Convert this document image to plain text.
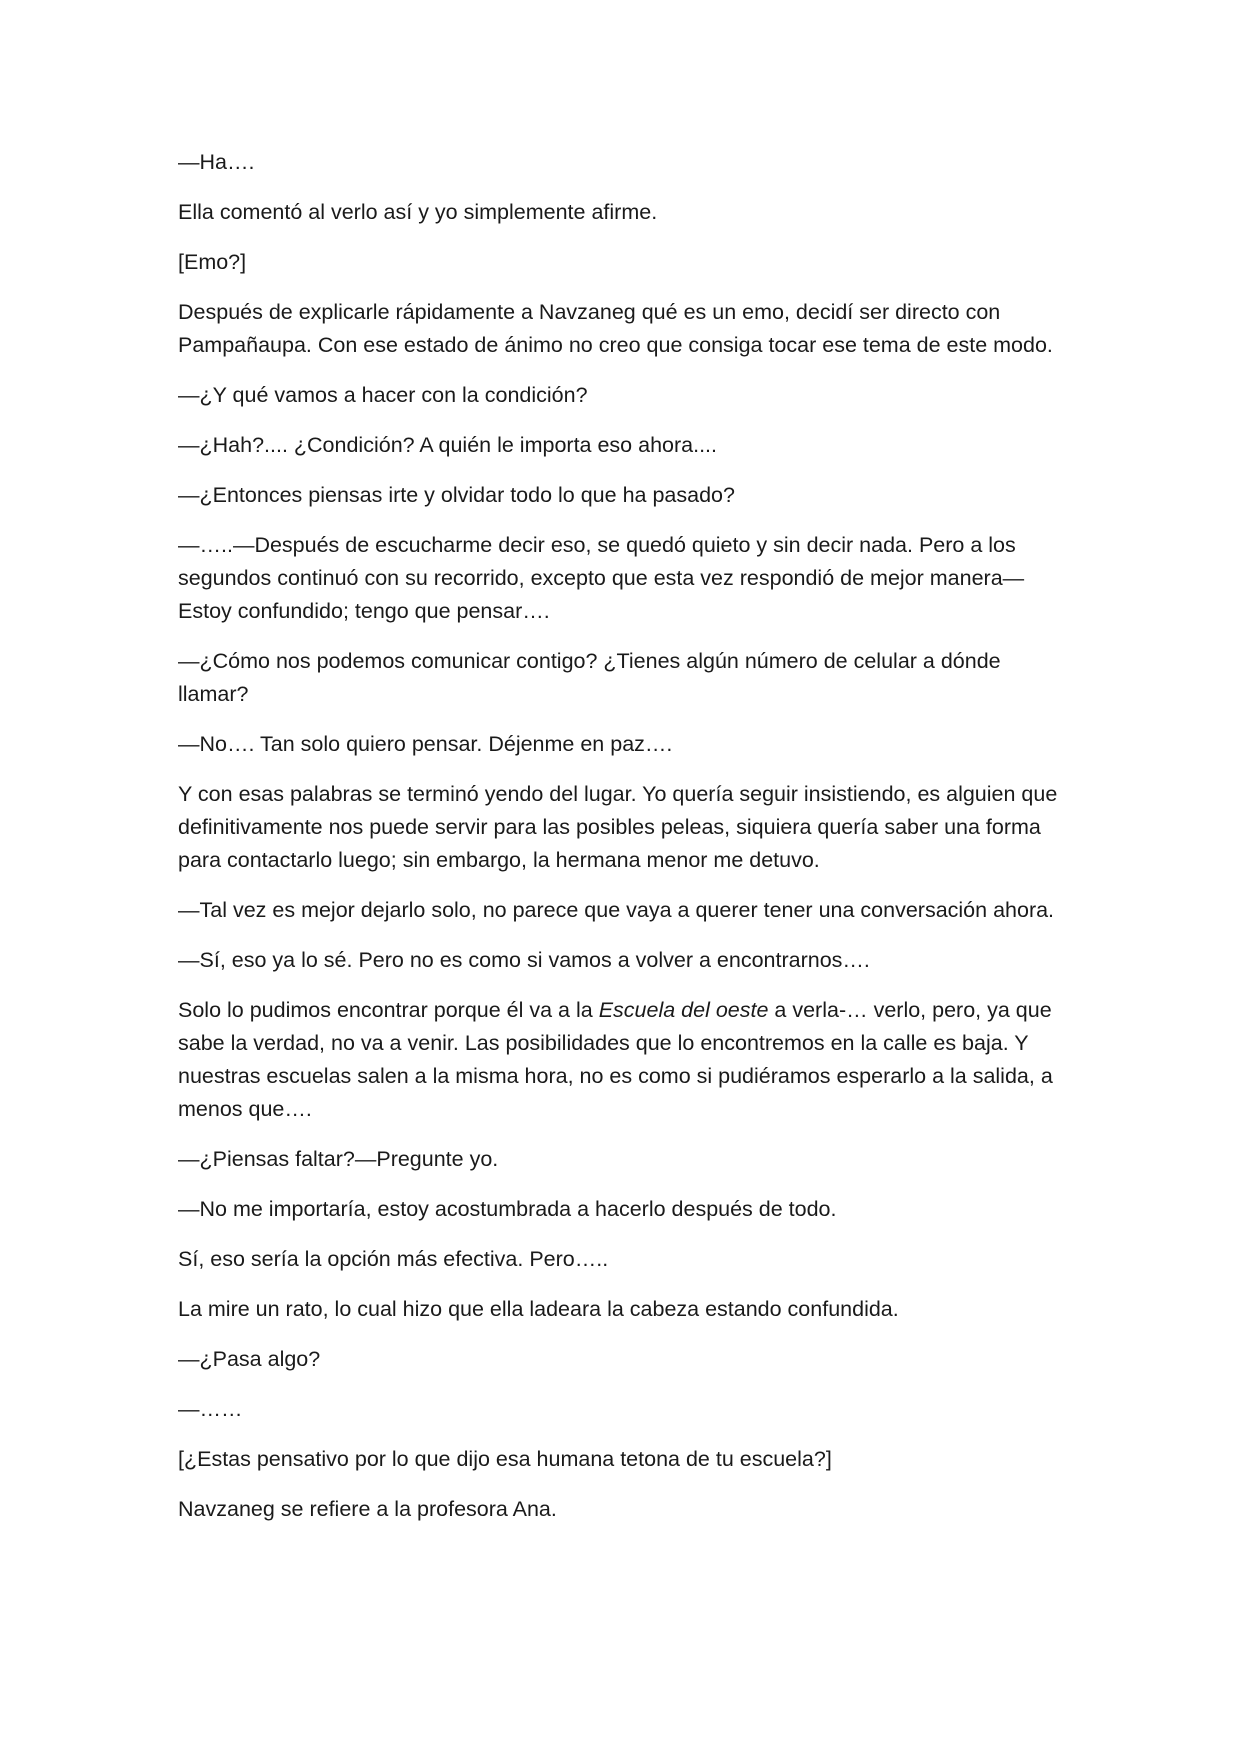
—Ha….

Ella comentó al verlo así y yo simplemente afirme.

[Emo?]

Después de explicarle rápidamente a Navzaneg qué es un emo, decidí ser directo con Pampañaupa. Con ese estado de ánimo no creo que consiga tocar ese tema de este modo.

—¿Y qué vamos a hacer con la condición?

—¿Hah?.... ¿Condición? A quién le importa eso ahora....

—¿Entonces piensas irte y olvidar todo lo que ha pasado?

—…..—Después de escucharme decir eso, se quedó quieto y sin decir nada. Pero a los segundos continuó con su recorrido, excepto que esta vez respondió de mejor manera—Estoy confundido; tengo que pensar….

—¿Cómo nos podemos comunicar contigo? ¿Tienes algún número de celular a dónde llamar?

—No…. Tan solo quiero pensar. Déjenme en paz….

Y con esas palabras se terminó yendo del lugar. Yo quería seguir insistiendo, es alguien que definitivamente nos puede servir para las posibles peleas, siquiera quería saber una forma para contactarlo luego; sin embargo, la hermana menor me detuvo.

—Tal vez es mejor dejarlo solo, no parece que vaya a querer tener una conversación ahora.

—Sí, eso ya lo sé. Pero no es como si vamos a volver a encontrarnos….

Solo lo pudimos encontrar porque él va a la Escuela del oeste a verla-… verlo, pero, ya que sabe la verdad, no va a venir. Las posibilidades que lo encontremos en la calle es baja. Y nuestras escuelas salen a la misma hora, no es como si pudiéramos esperarlo a la salida, a menos que….

—¿Piensas faltar?—Pregunte yo.

—No me importaría, estoy acostumbrada a hacerlo después de todo.

Sí, eso sería la opción más efectiva. Pero…..

La mire un rato, lo cual hizo que ella ladeara la cabeza estando confundida.

—¿Pasa algo?

—……

[¿Estas pensativo por lo que dijo esa humana tetona de tu escuela?]

Navzaneg se refiere a la profesora Ana.
